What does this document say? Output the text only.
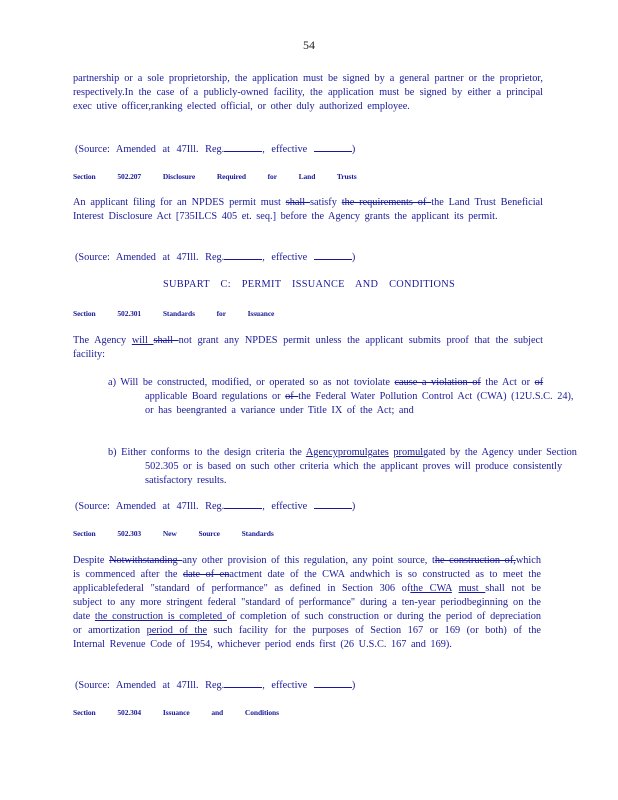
54

partnership or a sole proprietorship, the application must be signed by a general partner or the proprietor, respectively.In the case of a publicly-owned facility, the application must be signed by either a principal exec utive officer,ranking elected official, or other duly authorized employee.

(Source: Amended at 47Ill. Reg.	, effective	)

Section 502.207 Disclosure Required for Land Trusts

An applicant filing for an NPDES permit must shall satisfy the requirements of the Land Trust Beneficial Interest Disclosure Act [735ILCS 405 et. seq.] before the Agency grants the applicant its permit.

(Source: Amended at 47Ill. Reg.	, effective	)

SUBPART C: PERMIT ISSUANCE AND CONDITIONS

Section 502.301 Standards for Issuance

The Agency will shall not grant any NPDES permit unless the applicant submits proof that the subject facility:

a) Will be constructed, modified, or operated so as not toviolate cause a violation of the Act or of applicable Board regulations or of the Federal Water Pollution Control Act (CWA) (12U.S.C. 24), or has beengranted a variance under Title IX of the Act; and

b) Either conforms to the design criteria the Agencypromulgates promulgated by the Agency under Section 502.305 or is based on such other criteria which the applicant proves will produce consistently satisfactory results.

(Source: Amended at 47Ill. Reg.	, effective	)

Section 502.303 New Source Standards

Despite Notwithstanding any other provision of this regulation, any point source, the construction of,which is commenced after the date of enactment date of the CWA andwhich is so constructed as to meet the applicablefederal "standard of performance" as defined in Section 306 ofthe CWA must shall not be subject to any more stringent federal "standard of performance" during a ten-year periodbeginning on the date the construction is completed of completion of such construction or during the period of depreciation or amortization period of the such facility for the purposes of Section 167 or 169 (or both) of the Internal Revenue Code of 1954, whichever period ends first (26 U.S.C. 167 and 169).

(Source: Amended at 47Ill. Reg.	, effective	)

Section 502.304 Issuance and Conditions
